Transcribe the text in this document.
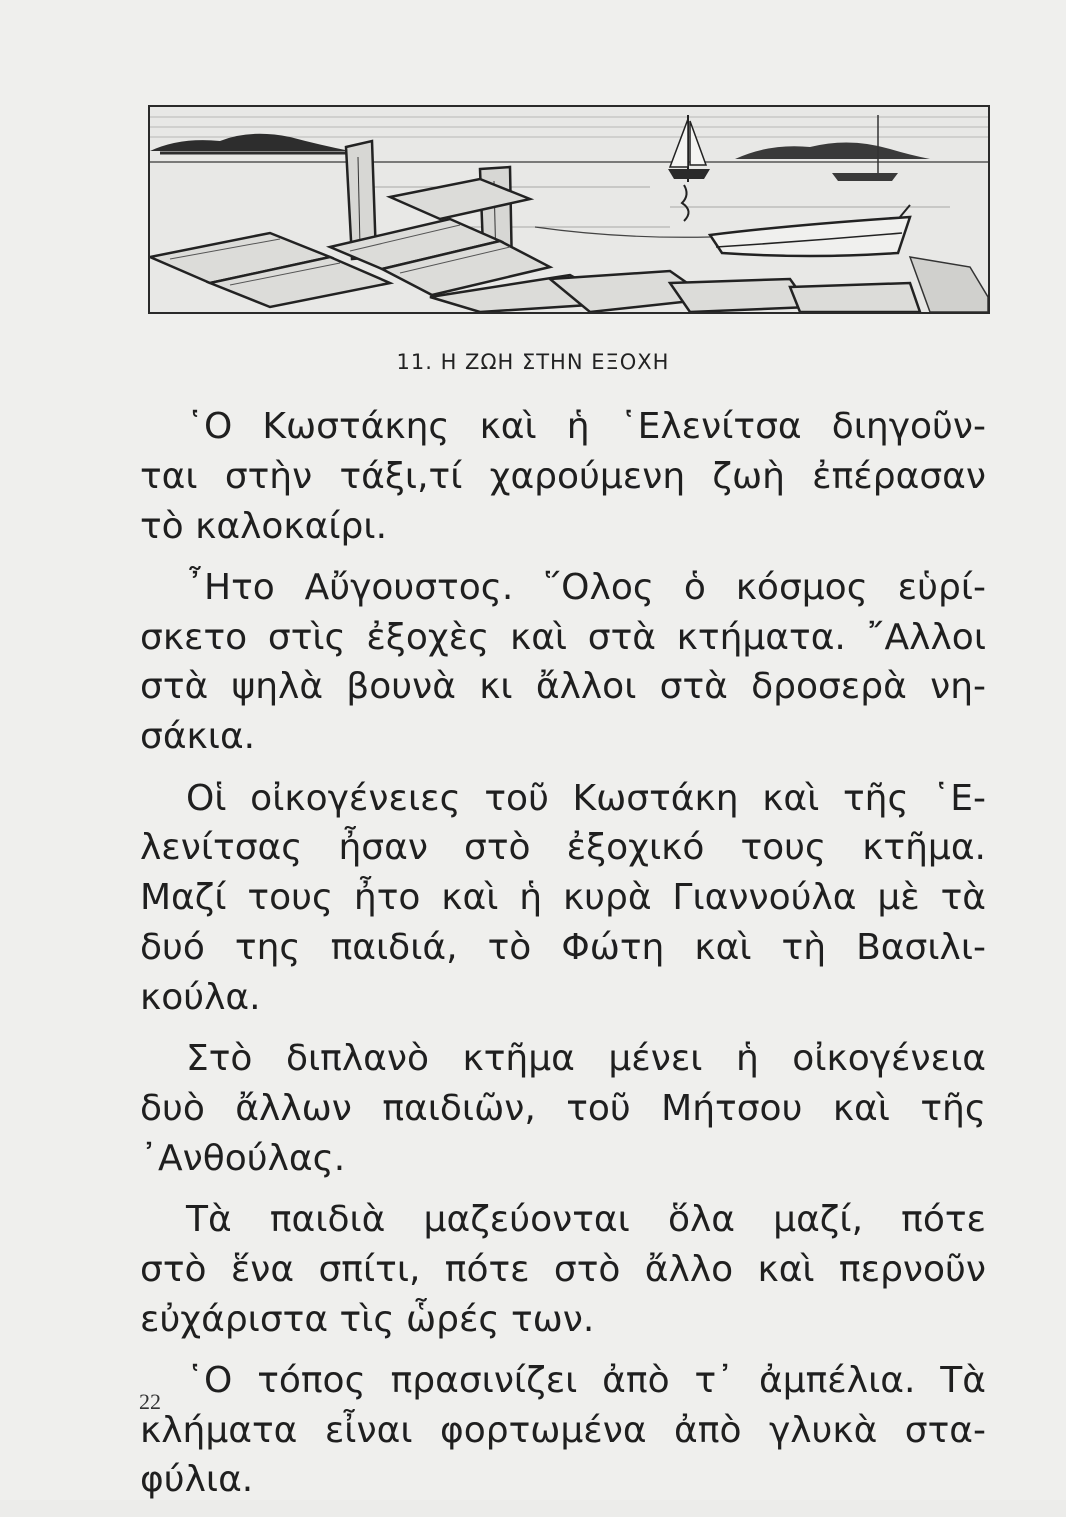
11. Η ΖΩΗ ΣΤΗΝ ΕΞΟΧΗ

῾Ο Κωστάκης καὶ ἡ ῾Ελενίτσα διηγοῦν-
ται στὴν τάξι,τί χαρούμενη ζωὴ ἐπέρασαν
τὸ καλοκαίρι.

῏Ητο Αὔγουστος. ῞Ολος ὁ κόσμος εὑρί-
σκετο στὶς ἐξοχὲς καὶ στὰ κτήματα. ῎Αλλοι
στὰ ψηλὰ βουνὰ κι ἄλλοι στὰ δροσερὰ νη-
σάκια.

Οἱ οἰκογένειες τοῦ Κωστάκη καὶ τῆς ῾Ε-
λενίτσας ἦσαν στὸ ἐξοχικό τους κτῆμα.
Μαζί τους ἦτο καὶ ἡ κυρὰ Γιαννούλα μὲ τὰ
δυό της παιδιά, τὸ Φώτη καὶ τὴ Βασιλι-
κούλα.

Στὸ διπλανὸ κτῆμα μένει ἡ οἰκογένεια
δυὸ ἄλλων παιδιῶν, τοῦ Μήτσου καὶ τῆς
᾿Ανθούλας.

Τὰ παιδιὰ μαζεύονται ὅλα μαζί, πότε
στὸ ἕνα σπίτι, πότε στὸ ἄλλο καὶ περνοῦν
εὐχάριστα τὶς ὧρές των.

῾Ο τόπος πρασινίζει ἀπὸ τ᾿ ἀμπέλια. Τὰ
κλήματα εἶναι φορτωμένα ἀπὸ γλυκὰ στα-
φύλια.

22
